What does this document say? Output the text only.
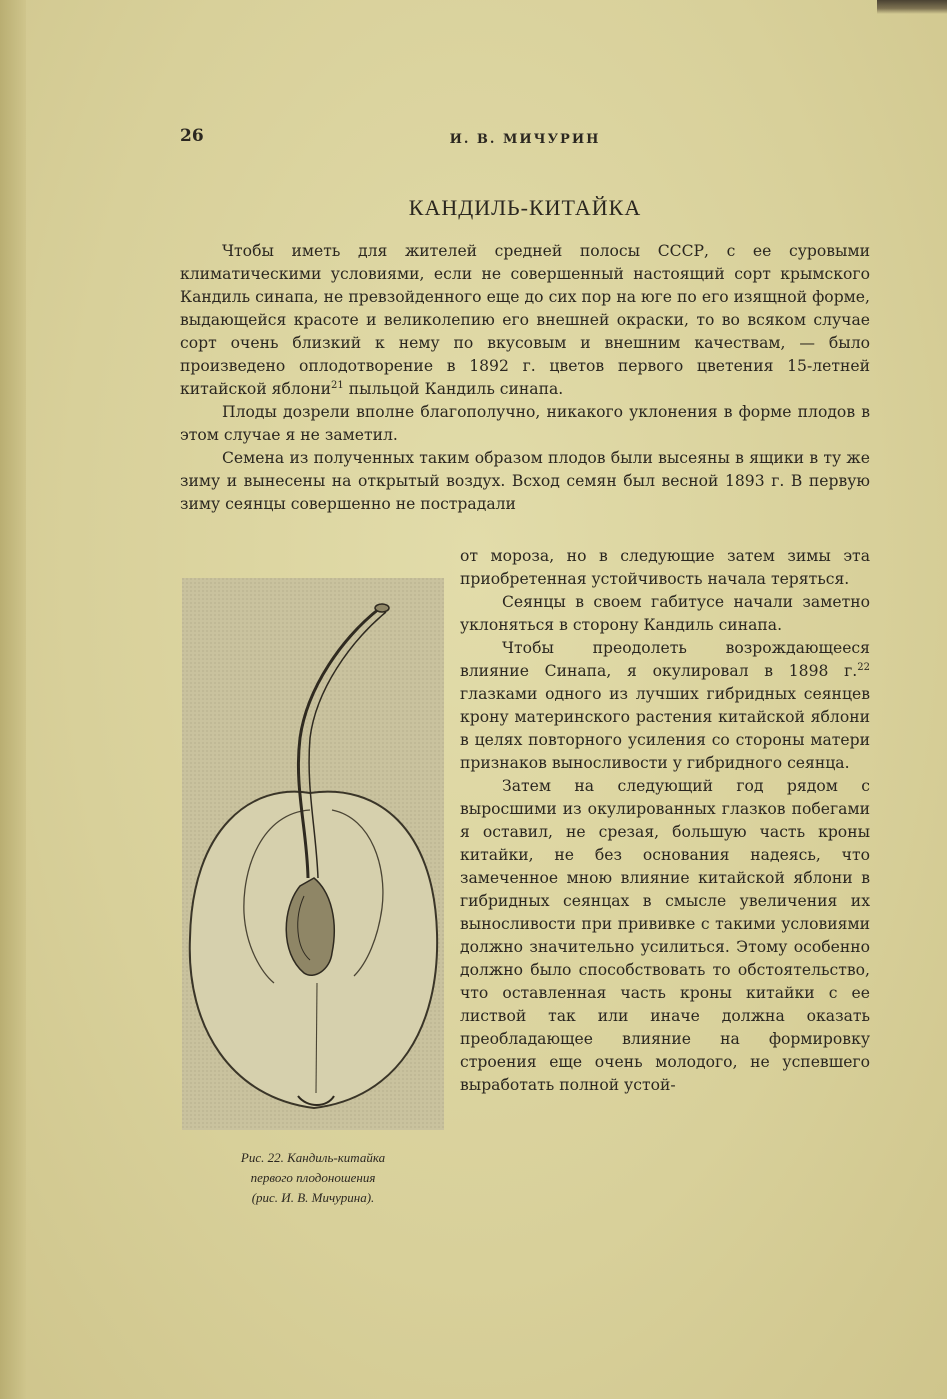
26	И. В. МИЧУРИН
КАНДИЛЬ-КИТАЙКА

Чтобы иметь для жителей средней полосы СССР, с ее суровыми климатическими условиями, если не совершенный настоящий сорт крымского Кандиль синапа, не превзойденного еще до сих пор на юге по его изящной форме, выдающейся красоте и великолепию его внешней окраски, то во всяком случае сорт очень близкий к нему по вкусовым и внешним качествам, — было произведено оплодотворение в 1892 г. цветов первого цветения 15-летней китайской яблони$^{21}$ пыльцой Кандиль синапа.

Плоды дозрели вполне благополучно, никакого уклонения в форме плодов в этом случае я не заметил.

Семена из полученных таким образом плодов были высеяны в ящики в ту же зиму и вынесены на открытый воздух. Всход семян был весной 1893 г. В первую зиму сеянцы совершенно не пострадали

Рис. 22. Кандиль-китайка
первого плодоношения
(рис. И. В. Мичурина).

от мороза, но в следующие затем зимы эта приобретенная устойчивость начала теряться.

Сеянцы в своем габитусе начали заметно уклоняться в сторону Кандиль синапа.

Чтобы преодолеть возрождающееся влияние Синапа, я окулировал в 1898 г.$^{22}$ глазками одного из лучших гибридных сеянцев крону материнского растения китайской яблони в целях повторного усиления со стороны матери признаков выносливости у гибридного сеянца.

Затем на следующий год рядом с выросшими из окулированных глазков побегами я оставил, не срезая, большую часть кроны китайки, не без основания надеясь, что замеченное мною влияние китайской яблони в гибридных сеянцах в смысле увеличения их выносливости при прививке с такими условиями должно значительно усилиться. Этому особенно должно было способствовать то обстоятельство, что оставленная часть кроны китайки с ее листвой так или иначе должна оказать преобладающее влияние на формировку строения еще очень молодого, не успевшего выработать полной устой-
